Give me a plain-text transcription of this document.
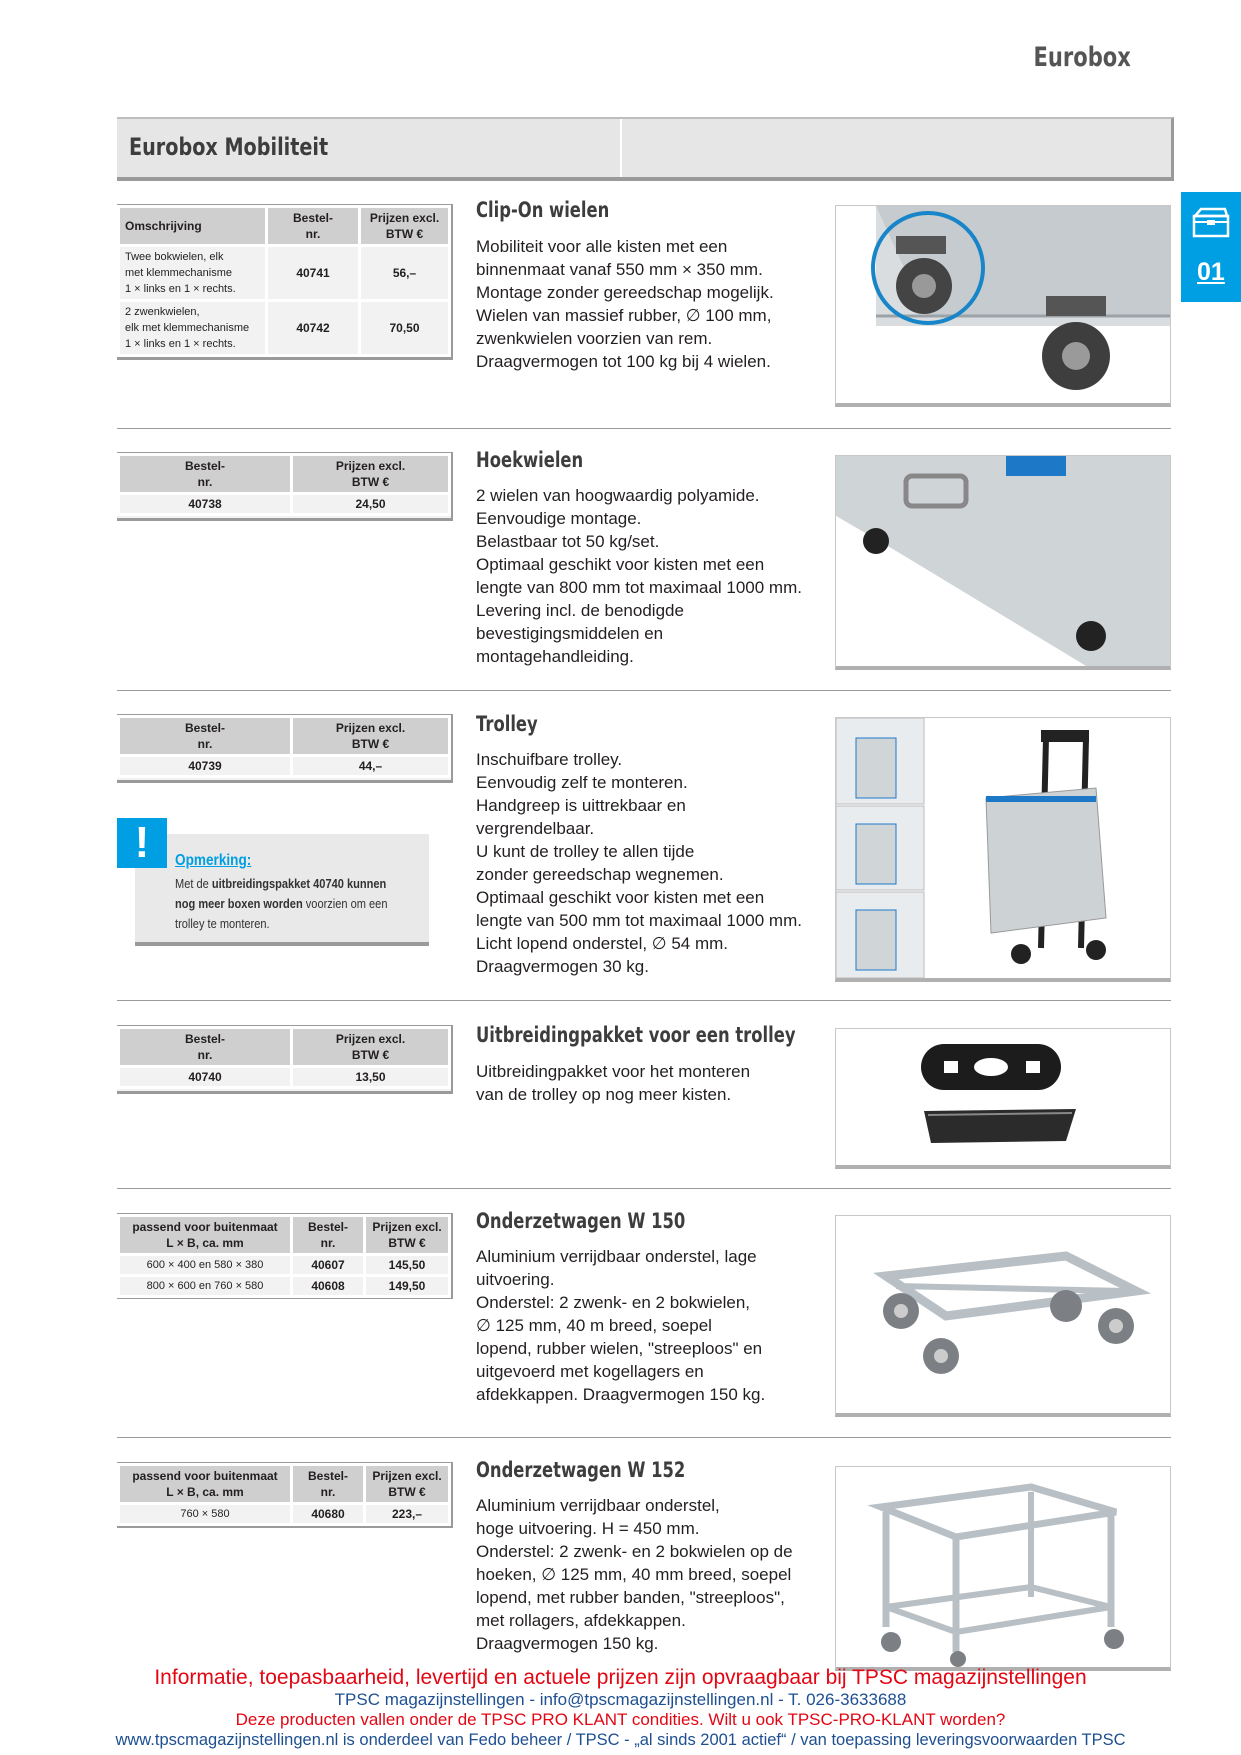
Eurobox
Eurobox Mobiliteit
01
Omschrijving	Bestel-
nr.	Prijzen excl.
BTW €
Twee bokwielen, elk
met klemmechanisme
1 × links en 1 × rechts.	40741	56,–
2 zwenkwielen,
elk met klemmechanisme
1 × links en 1 × rechts.	40742	70,50
Clip-On wielen
Mobiliteit voor alle kisten met een
binnenmaat vanaf 550 mm × 350 mm.
Montage zonder gereedschap mogelijk.
Wielen van massief rubber, ∅ 100 mm,
zwenkwielen voorzien van rem.
Draagvermogen tot 100 kg bij 4 wielen.
Bestel-
nr.	Prijzen excl.
BTW €
40738	24,50
Hoekwielen
2 wielen van hoogwaardig polyamide.
Eenvoudige montage.
Belastbaar tot 50 kg/set.
Optimaal geschikt voor kisten met een
lengte van 800 mm tot maximaal 1000 mm.
Levering incl. de benodigde
bevestigingsmiddelen en
montagehandleiding.
Bestel-
nr.	Prijzen excl.
BTW €
40739	44,–
!	Opmerking:
Met de uitbreidingspakket 40740 kunnen nog meer boxen worden voorzien om een trolley te monteren.
Trolley
Inschuifbare trolley.
Eenvoudig zelf te monteren.
Handgreep is uittrekbaar en
vergrendelbaar.
U kunt de trolley te allen tijde
zonder gereedschap wegnemen.
Optimaal geschikt voor kisten met een
lengte van 500 mm tot maximaal 1000 mm.
Licht lopend onderstel, ∅ 54 mm.
Draagvermogen 30 kg.
Bestel-
nr.	Prijzen excl.
BTW €
40740	13,50
Uitbreidingpakket voor een trolley
Uitbreidingpakket voor het monteren
van de trolley op nog meer kisten.
passend voor buitenmaat
L × B, ca. mm	Bestel-
nr.	Prijzen excl.
BTW €
600 × 400 en 580 × 380	40607	145,50
800 × 600 en 760 × 580	40608	149,50
Onderzetwagen W 150
Aluminium verrijdbaar onderstel, lage
uitvoering.
Onderstel: 2 zwenk- en 2 bokwielen,
∅ 125 mm, 40 m breed, soepel
lopend, rubber wielen, "streeploos" en
uitgevoerd met kogellagers en
afdekkappen. Draagvermogen 150 kg.
passend voor buitenmaat
L × B, ca. mm	Bestel-
nr.	Prijzen excl.
BTW €
760 × 580	40680	223,–
Onderzetwagen W 152
Aluminium verrijdbaar onderstel,
hoge uitvoering. H = 450 mm.
Onderstel: 2 zwenk- en 2 bokwielen op de
hoeken, ∅ 125 mm, 40 mm breed, soepel
lopend, met rubber banden, "streeploos",
met rollagers, afdekkappen.
Draagvermogen 150 kg.
Informatie, toepasbaarheid, levertijd en actuele prijzen zijn opvraagbaar bij TPSC magazijnstellingen
TPSC magazijnstellingen - info@tpscmagazijnstellingen.nl - T. 026-3633688
Deze producten vallen onder de TPSC PRO KLANT condities. Wilt u ook TPSC-PRO-KLANT worden?
www.tpscmagazijnstellingen.nl is onderdeel van Fedo beheer / TPSC - „al sinds 2001 actief“ / van toepassing leveringsvoorwaarden TPSC
